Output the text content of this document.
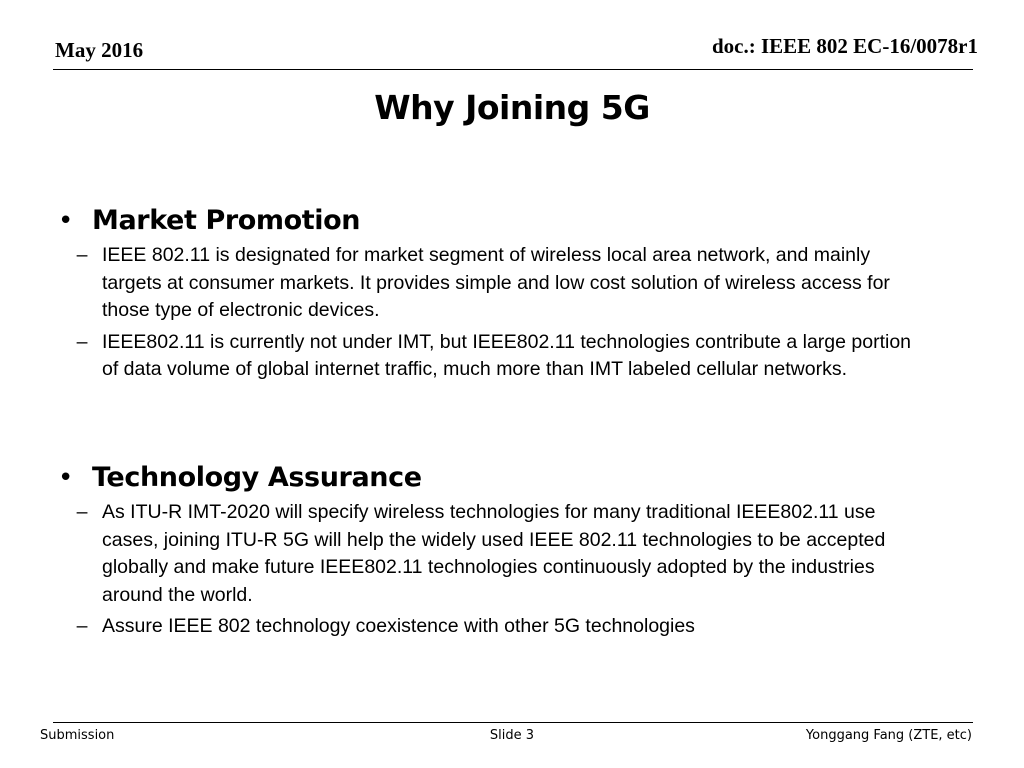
May 2016	doc.: IEEE 802 EC-16/0078r1
Why Joining 5G
• Market Promotion
– IEEE 802.11 is designated for market segment of wireless local area network, and mainly targets at consumer markets. It provides simple and low cost solution of wireless access for those type of electronic devices.
– IEEE802.11 is currently not under IMT, but IEEE802.11 technologies contribute a large portion of data volume of global internet traffic, much more than IMT labeled cellular networks.
• Technology Assurance
– As ITU-R IMT-2020 will specify wireless technologies for many traditional IEEE802.11 use cases, joining ITU-R 5G will help the widely used IEEE 802.11 technologies to be accepted globally and make future IEEE802.11 technologies continuously adopted by the industries around the world.
– Assure IEEE 802 technology coexistence with other 5G technologies
Submission	Slide 3	Yonggang Fang (ZTE, etc)
